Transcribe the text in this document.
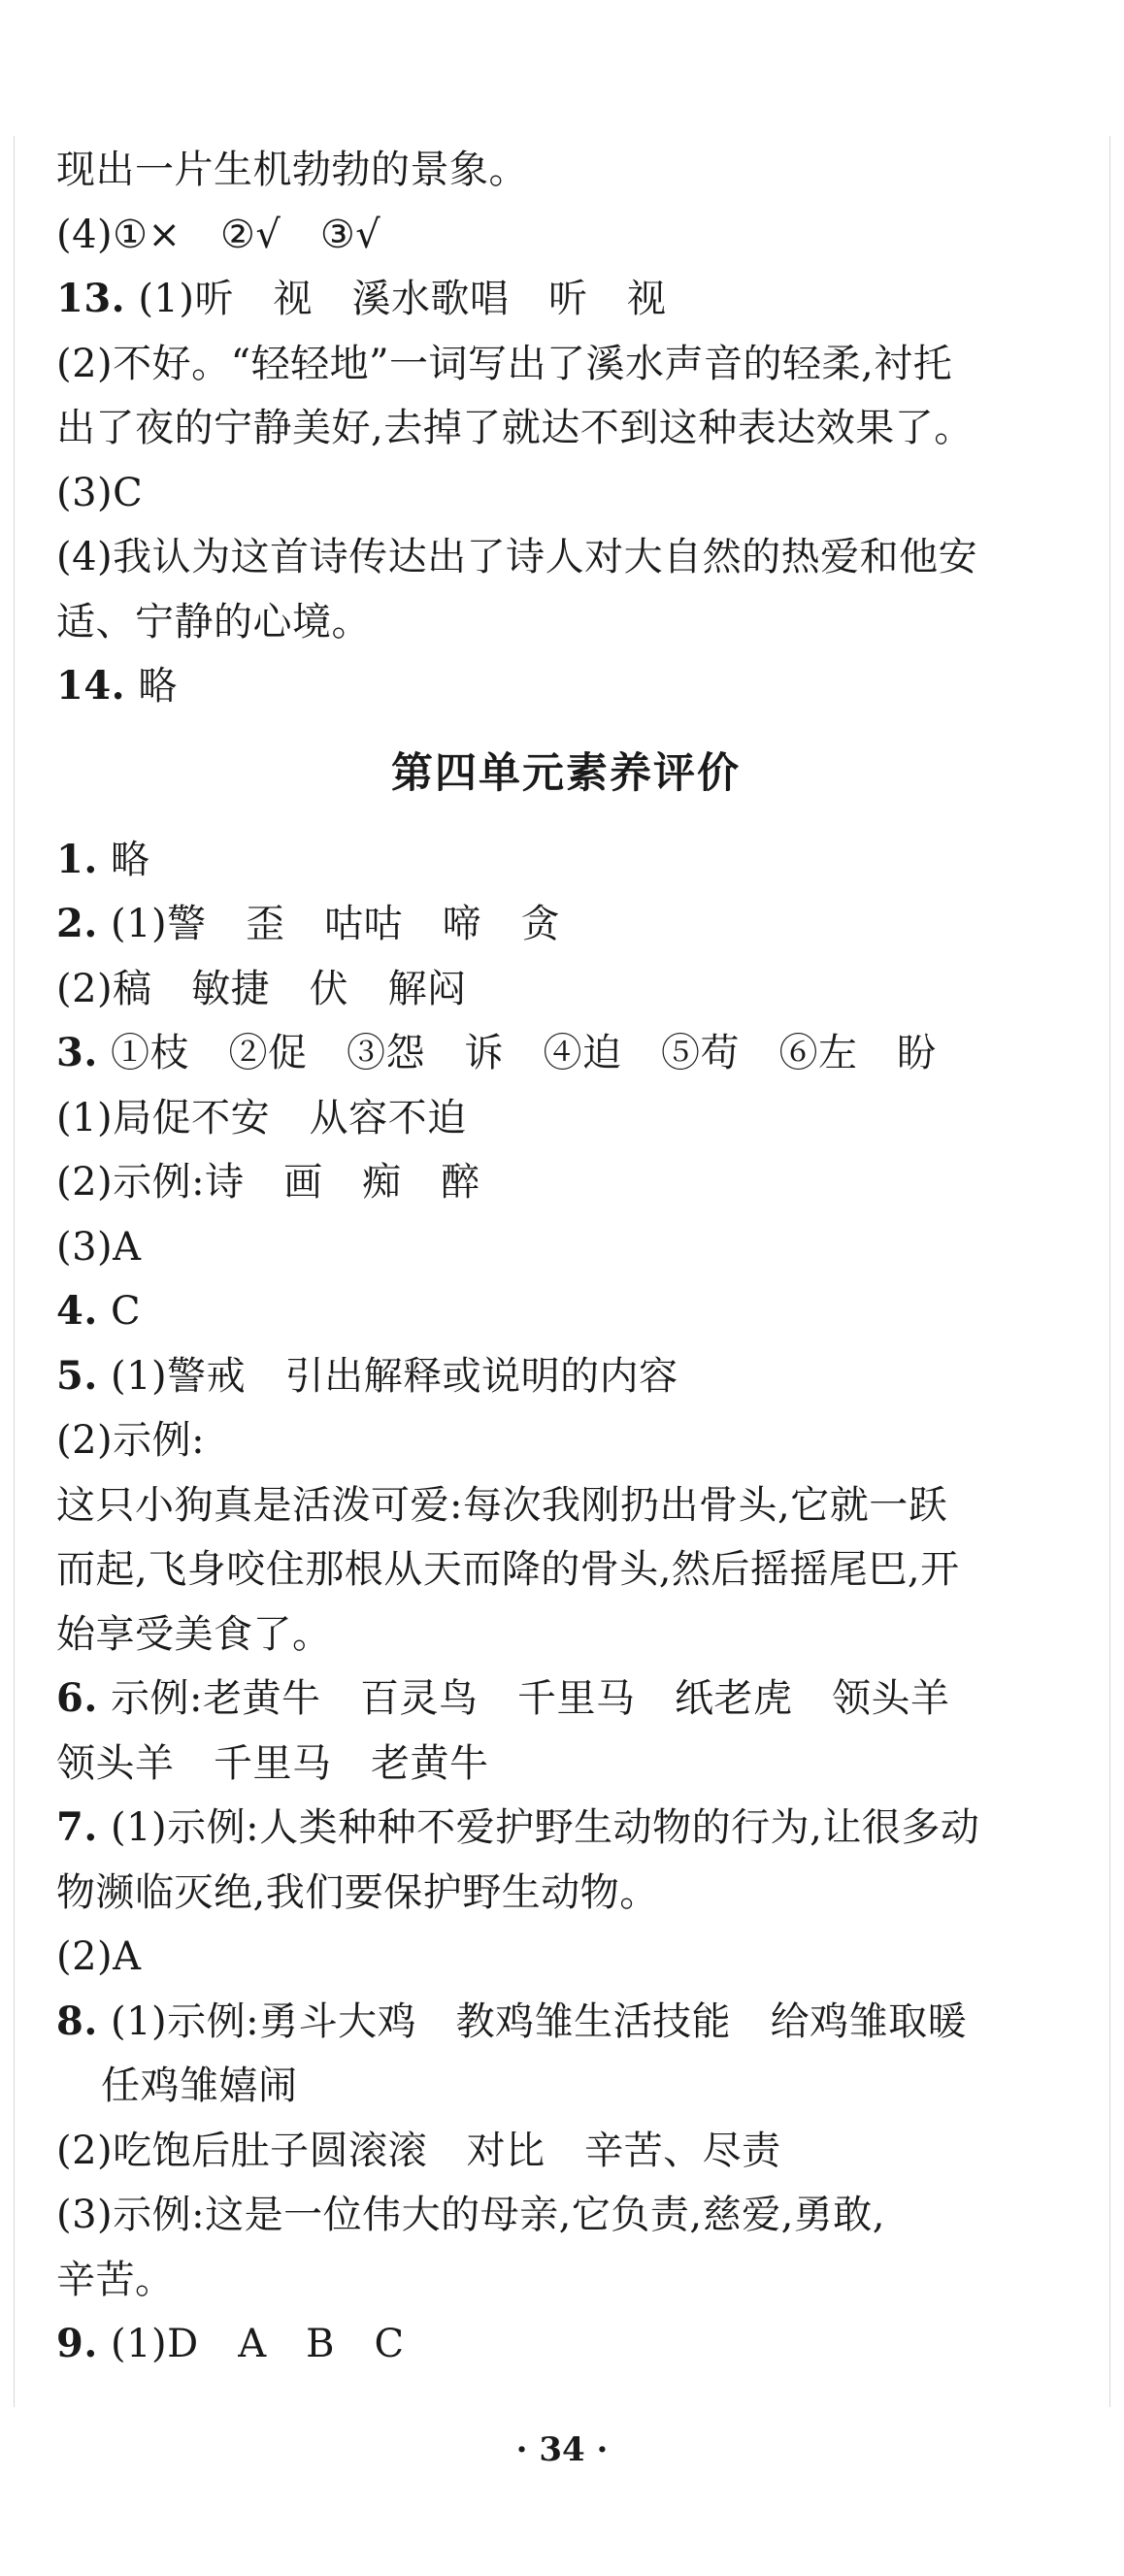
现出一片生机勃勃的景象。
(4)①×　②√　③√
13. (1)听　视　溪水歌唱　听　视
(2)不好。“轻轻地”一词写出了溪水声音的轻柔,衬托
出了夜的宁静美好,去掉了就达不到这种表达效果了。
(3)C
(4)我认为这首诗传达出了诗人对大自然的热爱和他安
适、宁静的心境。
14. 略
第四单元素养评价
1. 略
2. (1)警　歪　咕咕　啼　贪
(2)稿　敏捷　伏　解闷
3. ①枝　②促　③怨　诉　④迫　⑤苟　⑥左　盼
(1)局促不安　从容不迫
(2)示例:诗　画　痴　醉
(3)A
4. C
5. (1)警戒　引出解释或说明的内容
(2)示例:
这只小狗真是活泼可爱:每次我刚扔出骨头,它就一跃
而起,飞身咬住那根从天而降的骨头,然后摇摇尾巴,开
始享受美食了。
6. 示例:老黄牛　百灵鸟　千里马　纸老虎　领头羊
领头羊　千里马　老黄牛
7. (1)示例:人类种种不爱护野生动物的行为,让很多动
物濒临灭绝,我们要保护野生动物。
(2)A
8. (1)示例:勇斗大鸡　教鸡雏生活技能　给鸡雏取暖
任鸡雏嬉闹
(2)吃饱后肚子圆滚滚　对比　辛苦、尽责
(3)示例:这是一位伟大的母亲,它负责,慈爱,勇敢,
辛苦。
9. (1)D　A　B　C
· 34 ·
